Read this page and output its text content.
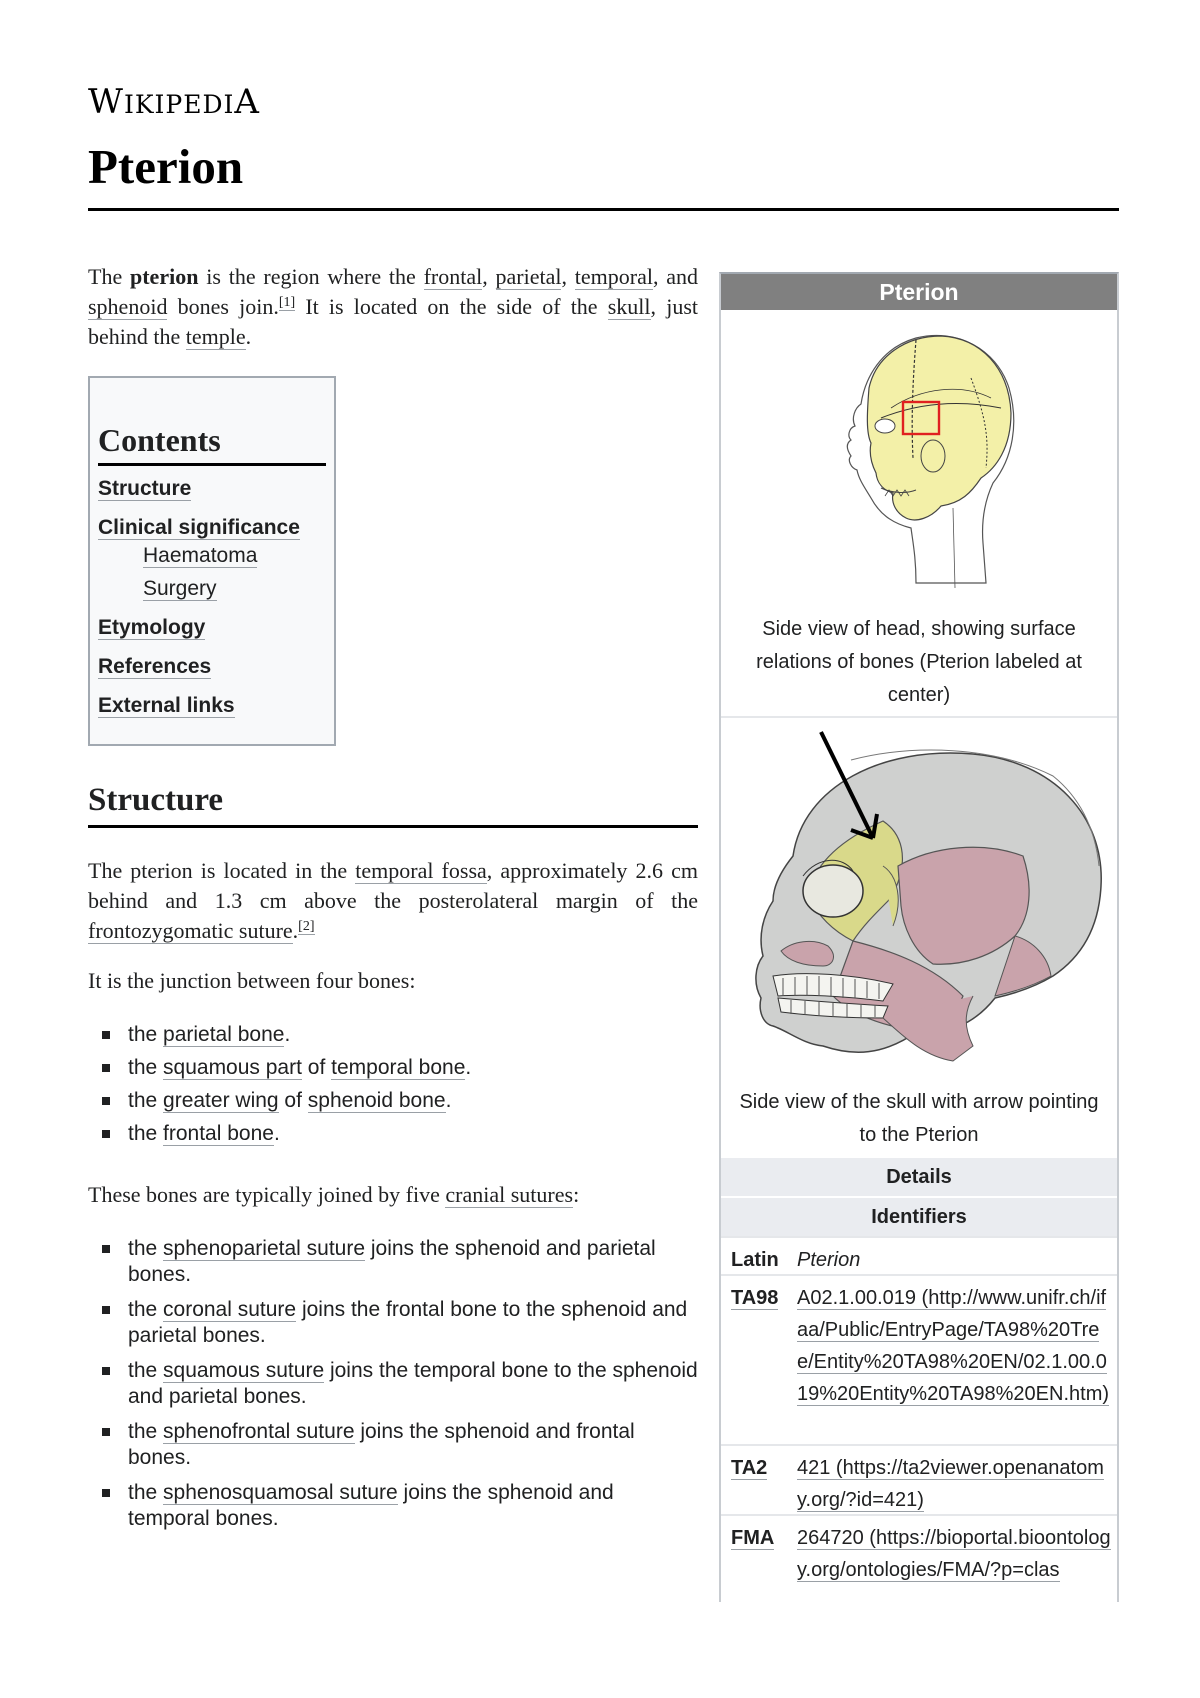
WIKIPEDIA
Pterion

The pterion is the region where the frontal, parietal, temporal, and sphenoid bones join.[1] It is located on the side of the skull, just behind the temple.

Contents
Structure
Clinical significance
Haematoma
Surgery
Etymology
References
External links
Structure

The pterion is located in the temporal fossa, approximately 2.6 cm behind and 1.3 cm above the posterolateral margin of the frontozygomatic suture.[2]

It is the junction between four bones:

the parietal bone.
the squamous part of temporal bone.
the greater wing of sphenoid bone.
the frontal bone.

These bones are typically joined by five cranial sutures:

the sphenoparietal suture joins the sphenoid and parietal bones.
the coronal suture joins the frontal bone to the sphenoid and parietal bones.
the squamous suture joins the temporal bone to the sphenoid and parietal bones.
the sphenofrontal suture joins the sphenoid and frontal bones.
the sphenosquamosal suture joins the sphenoid and temporal bones.
Pterion
Side view of head, showing surface relations of bones (Pterion labeled at center)
Side view of the skull with arrow pointing to the Pterion
Details
Identifiers
Latin Pterion
TA98 A02.1.00.019 (http://www.unifr.ch/ifaa/Public/EntryPage/TA98%20Tree/Entity%20TA98%20EN/02.1.00.019%20Entity%20TA98%20EN.htm)
TA2 421 (https://ta2viewer.openanatomy.org/?id=421)
FMA 264720 (https://bioportal.bioontology.org/ontologies/FMA/?p=clas
